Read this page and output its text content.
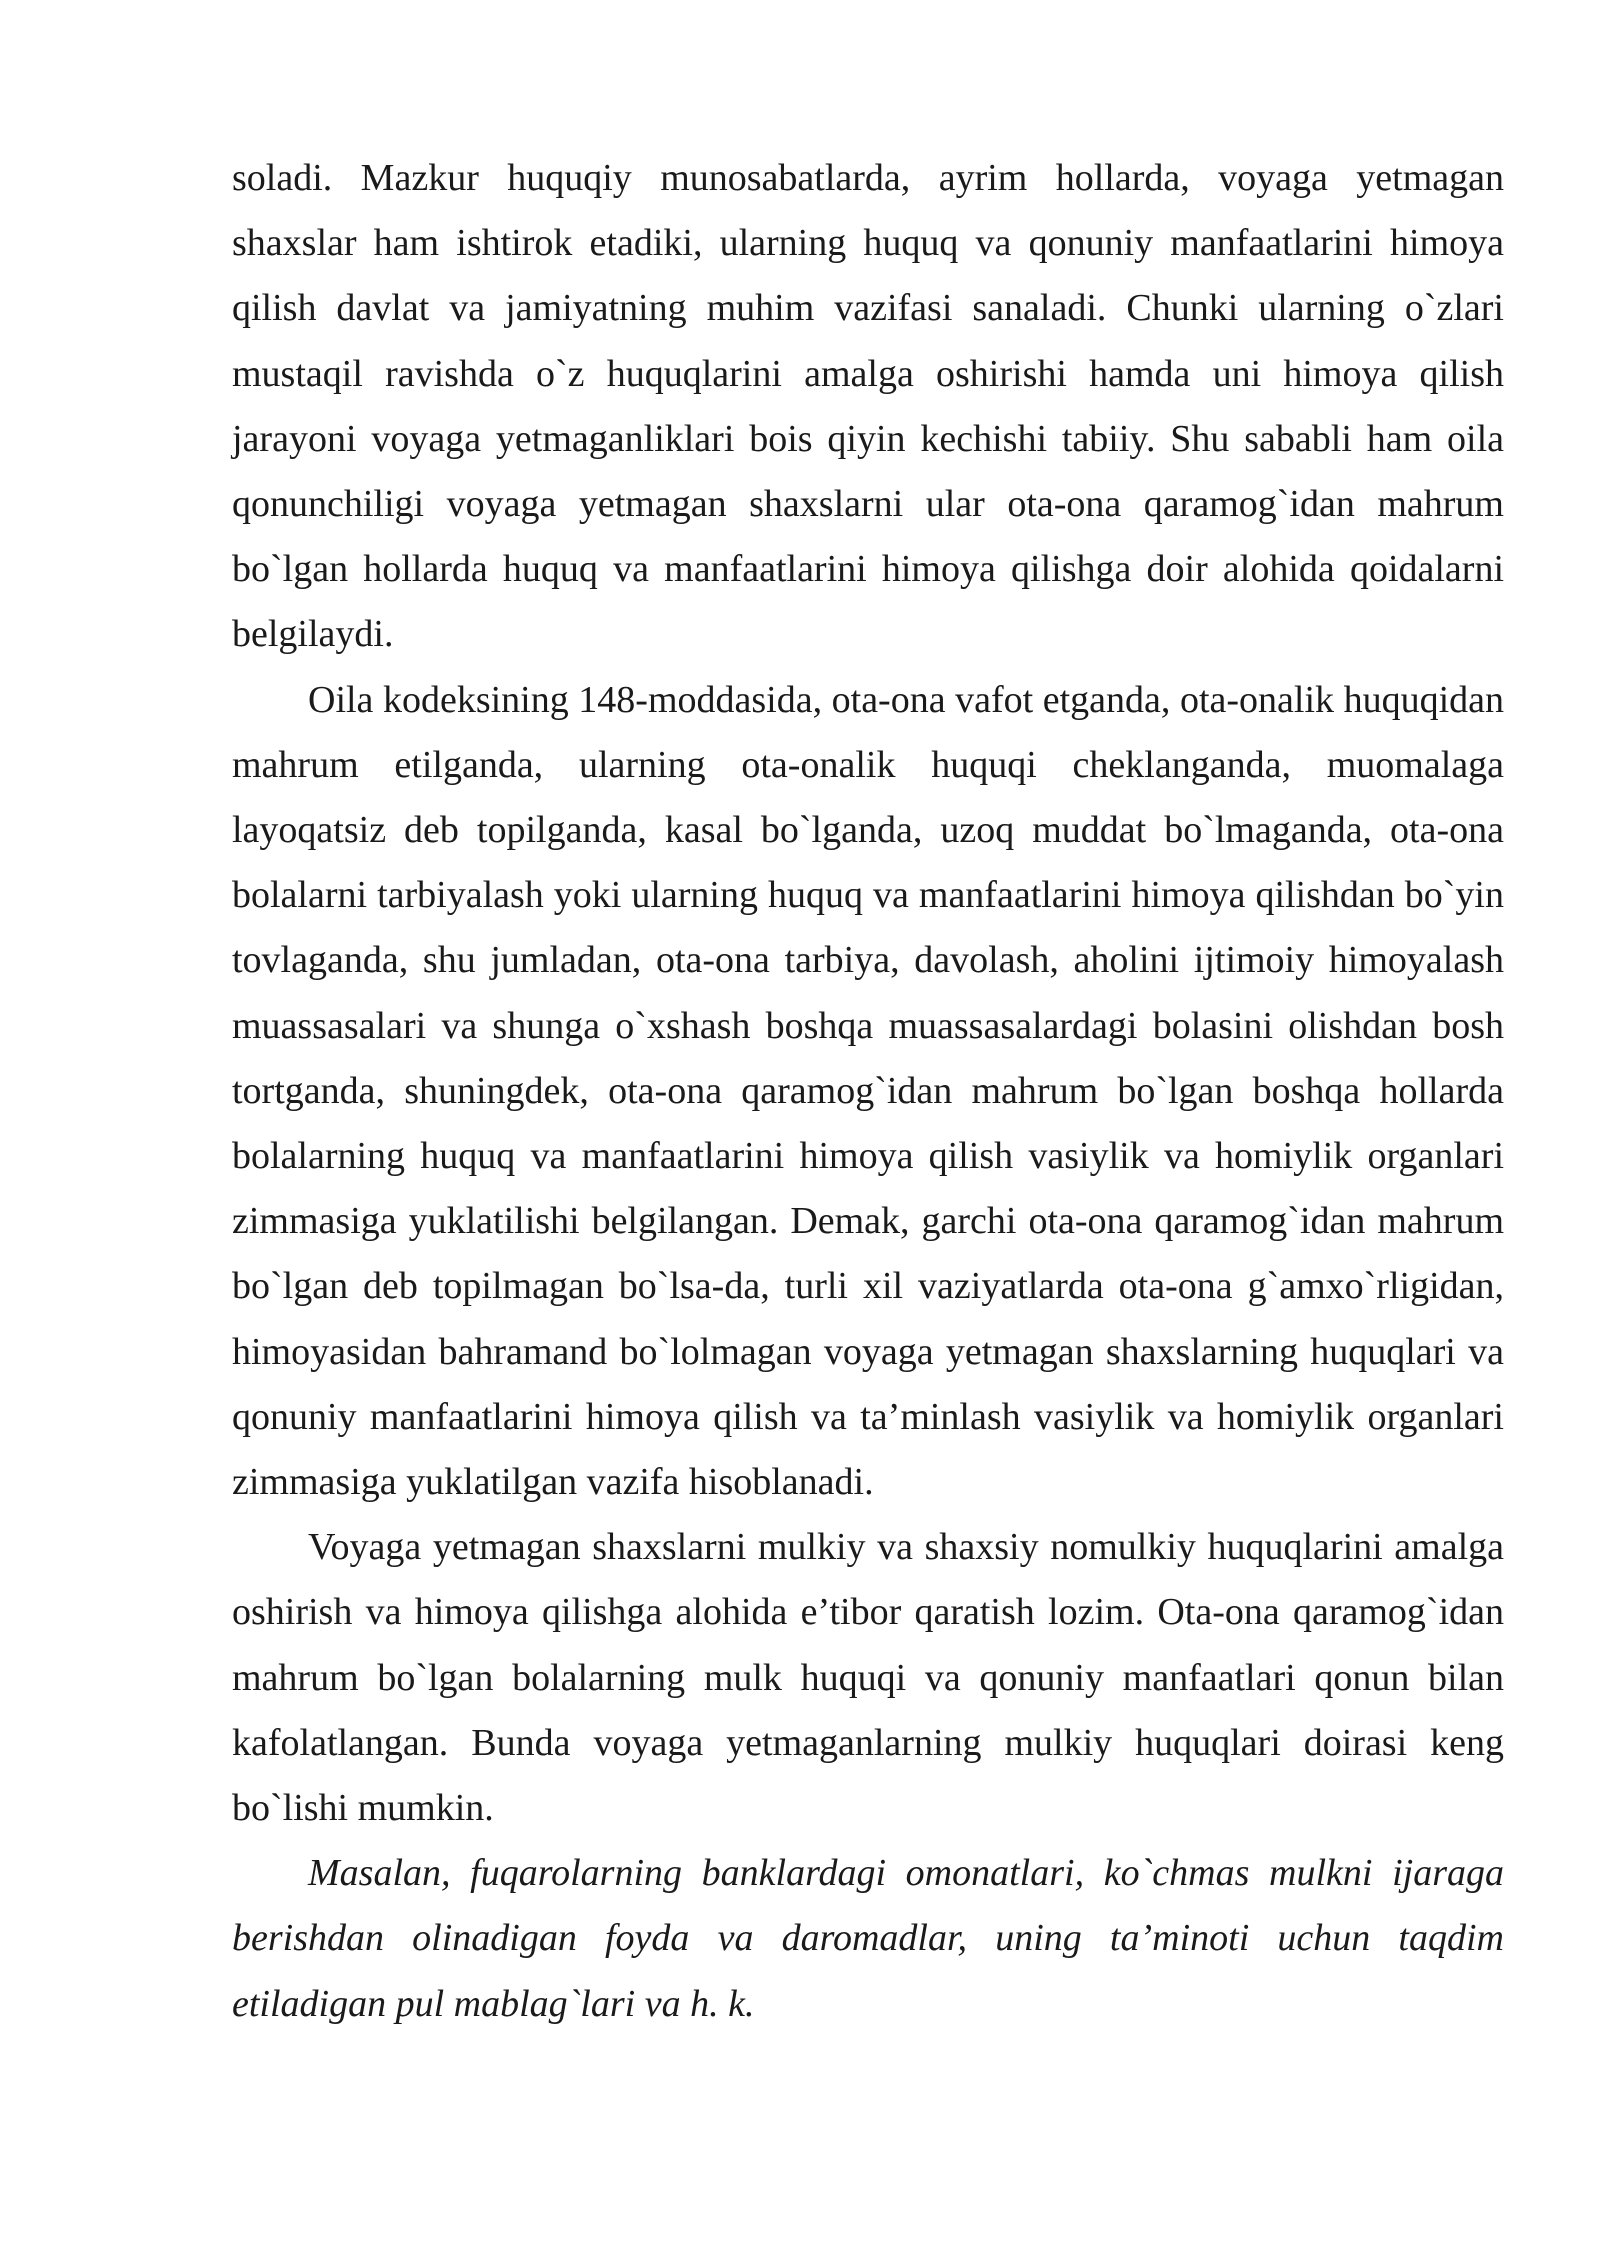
soladi. Mazkur huquqiy munosabatlarda, ayrim hollarda, voyaga yetmagan shaxslar ham ishtirok etadiki, ularning huquq va qonuniy manfaatlarini himoya qilish davlat va jamiyatning muhim vazifasi sanaladi. Chunki ularning o`zlari mustaqil ravishda o`z huquqlarini amalga oshirishi hamda uni himoya qilish jarayoni voyaga yetmaganliklari bois qiyin kechishi tabiiy. Shu sababli ham oila qonunchiligi voyaga yetmagan shaxslarni ular ota-ona qaramog`idan mahrum bo`lgan hollarda huquq va manfaatlarini himoya qilishga doir alohida qoidalarni belgilaydi.

Oila kodeksining 148-moddasida, ota-ona vafot etganda, ota-onalik huquqidan mahrum etilganda, ularning ota-onalik huquqi cheklanganda, muomalaga layoqatsiz deb topilganda, kasal bo`lganda, uzoq muddat bo`lmaganda, ota-ona bolalarni tarbiyalash yoki ularning huquq va manfaatlarini himoya qilishdan bo`yin tovlaganda, shu jumladan, ota-ona tarbiya, davolash, aholini ijtimoiy himoyalash muassasalari va shunga o`xshash boshqa muassasalardagi bolasini olishdan bosh tortganda, shuningdek, ota-ona qaramog`idan mahrum bo`lgan boshqa hollarda bolalarning huquq va manfaatlarini himoya qilish vasiylik va homiylik organlari zimmasiga yuklatilishi belgilangan. Demak, garchi ota-ona qaramog`idan mahrum bo`lgan deb topilmagan bo`lsa-da, turli xil vaziyatlarda ota-ona g`amxo`rligidan, himoyasidan bahramand bo`lolmagan voyaga yetmagan shaxslarning huquqlari va qonuniy manfaatlarini himoya qilish va ta’minlash vasiylik va homiylik organlari zimmasiga yuklatilgan vazifa hisoblanadi.

Voyaga yetmagan shaxslarni mulkiy va shaxsiy nomulkiy huquqlarini amalga oshirish va himoya qilishga alohida e’tibor qaratish lozim. Ota-ona qaramog`idan mahrum bo`lgan bolalarning mulk huquqi va qonuniy manfaatlari qonun bilan kafolatlangan. Bunda voyaga yetmaganlarning mulkiy huquqlari doirasi keng bo`lishi mumkin.

Masalan, fuqarolarning banklardagi omonatlari, ko`chmas mulkni ijaraga berishdan olinadigan foyda va daromadlar, uning ta’minoti uchun taqdim etiladigan pul mablag`lari va h. k.
